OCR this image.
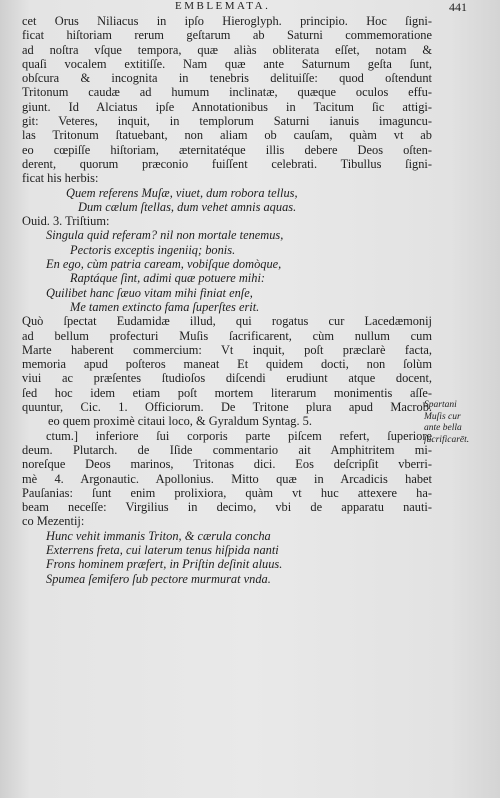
EMBLEMATA.	441
cet Orus Niliacus in ipſo Hieroglyph. principio. Hoc ſigni-
ficat hiſtoriam rerum geſtarum ab Saturni commemoratione
ad noſtra vſque tempora, quæ aliàs obliterata eſſet, notam &
quaſi vocalem extitiſſe. Nam quæ ante Saturnum geſta ſunt,
obſcura & incognita in tenebris delituiſſe: quod oſtendunt
Tritonum caudæ ad humum inclinatæ, quæque oculos effu-
giunt. Id Alciatus ipſe Annotationibus in Tacitum ſic attigi-
git: Veteres, inquit, in templorum Saturni ianuis imaguncu-
las Tritonum ſtatuebant, non aliam ob cauſam, quàm vt ab
eo cœpiſſe hiſtoriam, æternitatéque illis debere Deos oſten-
derent, quorum præconio fuiſſent celebrati. Tibullus ſigni-
ficat his herbis:
Quem referens Muſæ, viuet, dum robora tellus,
Dum cælum ſtellas, dum vehet amnis aquas.
Ouid. 3. Triſtium:
Singula quid referam? nil non mortale tenemus,
Pectoris exceptis ingeniiq; bonis.
En ego, cùm patria caream, vobiſque domòque,
Raptáque ſint, adimi quæ potuere mihi:
Quilibet hanc ſæuo vitam mihi finiat enſe,
Me tamen extincto fama ſuperſtes erit.
Quò ſpectat Eudamidæ illud, qui rogatus cur Lacedæmonij
ad bellum profecturi Muſis ſacrificarent, cùm nullum cum
Marte haberent commercium: Vt inquit, poſt præclarè facta,
memoria apud poſteros maneat Et quidem docti, non ſolùm
viui ac præſentes ſtudioſos diſcendi erudiunt atque docent,
ſed hoc idem etiam poſt mortem literarum monimentis aſſe-
quuntur, Cic. 1. Officiorum. De Tritone plura apud Macrob.
eo quem proximè citaui loco, & Gyraldum Syntag. 5.
ctum.] inferiore ſui corporis parte piſcem refert, ſuperiore
deum. Plutarch. de Iſide commentario ait Amphitritem mi-
noreſque Deos marinos, Tritonas dici. Eos deſcripſit vberri-
mè 4. Argonautic. Apollonius. Mitto quæ in Arcadicis habet
Pauſanias: ſunt enim prolixiora, quàm vt huc attexere ha-
beam neceſſe: Virgilius in decimo, vbi de apparatu nauti-
co Mezentij:
Hunc vehit immanis Triton, & cærula concha
Exterrens freta, cui laterum tenus hiſpida nanti
Frons hominem præfert, in Priſtin deſinit aluus.
Spumea ſemifero ſub pectore murmurat vnda.
Spartani
Muſis cur
ante bella
ſacrificarēt.
